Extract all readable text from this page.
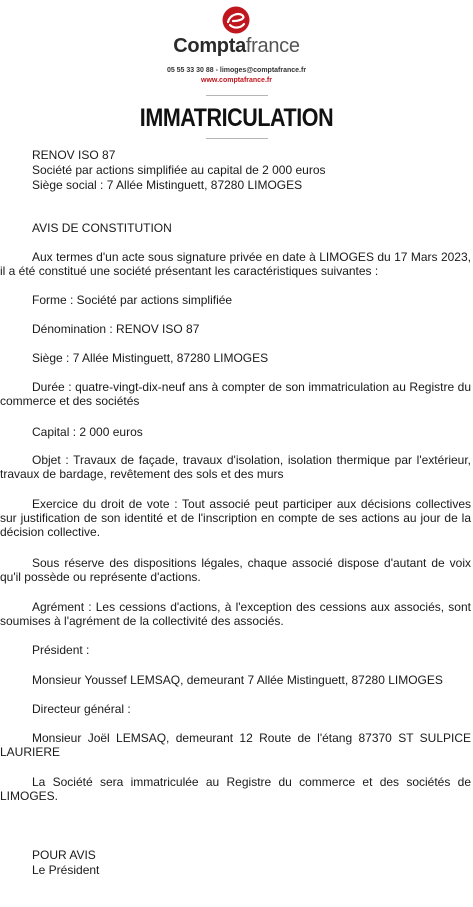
Comptafrance
05 55 33 30 88 - limoges@comptafrance.fr
www.comptafrance.fr
IMMATRICULATION
RENOV ISO 87
Société par actions simplifiée au capital de 2 000 euros
Siège social : 7 Allée Mistinguett, 87280 LIMOGES
AVIS DE CONSTITUTION
Aux termes d'un acte sous signature privée en date à LIMOGES du 17 Mars 2023, il a été constitué une société présentant les caractéristiques suivantes :
Forme : Société par actions simplifiée
Dénomination : RENOV ISO 87
Siège : 7 Allée Mistinguett, 87280 LIMOGES
Durée : quatre-vingt-dix-neuf ans à compter de son immatriculation au Registre du commerce et des sociétés
Capital : 2 000 euros
Objet : Travaux de façade, travaux d'isolation, isolation thermique par l'extérieur, travaux de bardage, revêtement des sols et des murs
Exercice du droit de vote : Tout associé peut participer aux décisions collectives sur justification de son identité et de l'inscription en compte de ses actions au jour de la décision collective.
Sous réserve des dispositions légales, chaque associé dispose d'autant de voix qu'il possède ou représente d'actions.
Agrément : Les cessions d'actions, à l'exception des cessions aux associés, sont soumises à l'agrément de la collectivité des associés.
Président :
Monsieur Youssef LEMSAQ, demeurant 7 Allée Mistinguett, 87280 LIMOGES
Directeur général :
Monsieur Joël LEMSAQ, demeurant 12 Route de l'étang 87370 ST SULPICE LAURIERE
La Société sera immatriculée au Registre du commerce et des sociétés de LIMOGES.
POUR AVIS
Le Président
